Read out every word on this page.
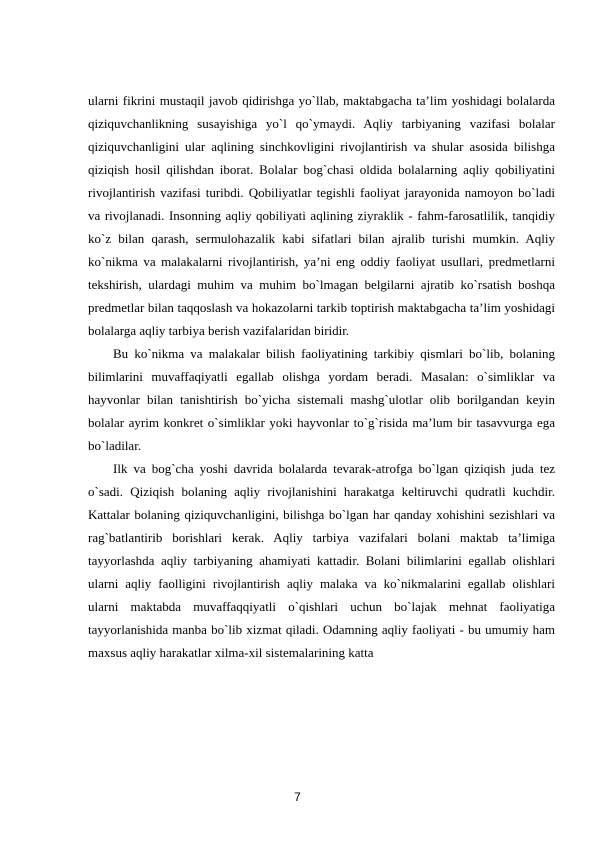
ularni fikrini mustaqil javob qidirishga yo`llab, maktabgacha ta’lim yoshidagi bolalarda qiziquvchanlikning susayishiga yo`l qo`ymaydi. Aqliy tarbiyaning vazifasi bolalar qiziquvchanligini ular aqlining sinchkovligini rivojlantirish va shular asosida bilishga qiziqish hosil qilishdan iborat. Bolalar bog`chasi oldida bolalarning aqliy qobiliyatini rivojlantirish vazifasi turibdi. Qobiliyatlar tegishli faoliyat jarayonida namoyon bo`ladi va rivojlanadi. Insonning aqliy qobiliyati aqlining ziyraklik - fahm-farosatlilik, tanqidiy ko`z bilan qarash, sermulohazalik kabi sifatlari bilan ajralib turishi mumkin. Aqliy ko`nikma va malakalarni rivojlantirish, ya’ni eng oddiy faoliyat usullari, predmetlarni tekshirish, ulardagi muhim va muhim bo`lmagan belgilarni ajratib ko`rsatish boshqa predmetlar bilan taqqoslash va hokazolarni tarkib toptirish maktabgacha ta’lim yoshidagi bolalarga aqliy tarbiya berish vazifalaridan biridir.

Bu ko`nikma va malakalar bilish faoliyatining tarkibiy qismlari bo`lib, bolaning bilimlarini muvaffaqiyatli egallab olishga yordam beradi. Masalan: o`simliklar va hayvonlar bilan tanishtirish bo`yicha sistemali mashg`ulotlar olib borilgandan keyin bolalar ayrim konkret o`simliklar yoki hayvonlar to`g`risida ma’lum bir tasavvurga ega bo`ladilar.

Ilk va bog`cha yoshi davrida bolalarda tevarak-atrofga bo`lgan qiziqish juda tez o`sadi. Qiziqish bolaning aqliy rivojlanishini harakatga keltiruvchi qudratli kuchdir. Kattalar bolaning qiziquvchanligini, bilishga bo`lgan har qanday xohishini sezishlari va rag`batlantirib borishlari kerak. Aqliy tarbiya vazifalari bolani maktab ta’limiga tayyorlashda aqliy tarbiyaning ahamiyati kattadir. Bolani bilimlarini egallab olishlari ularni aqliy faolligini rivojlantirish aqliy malaka va ko`nikmalarini egallab olishlari ularni maktabda muvaffaqqiyatli o`qishlari uchun bo`lajak mehnat faoliyatiga tayyorlanishida manba bo`lib xizmat qiladi. Odamning aqliy faoliyati - bu umumiy ham maxsus aqliy harakatlar xilma-xil sistemalarining katta

7
